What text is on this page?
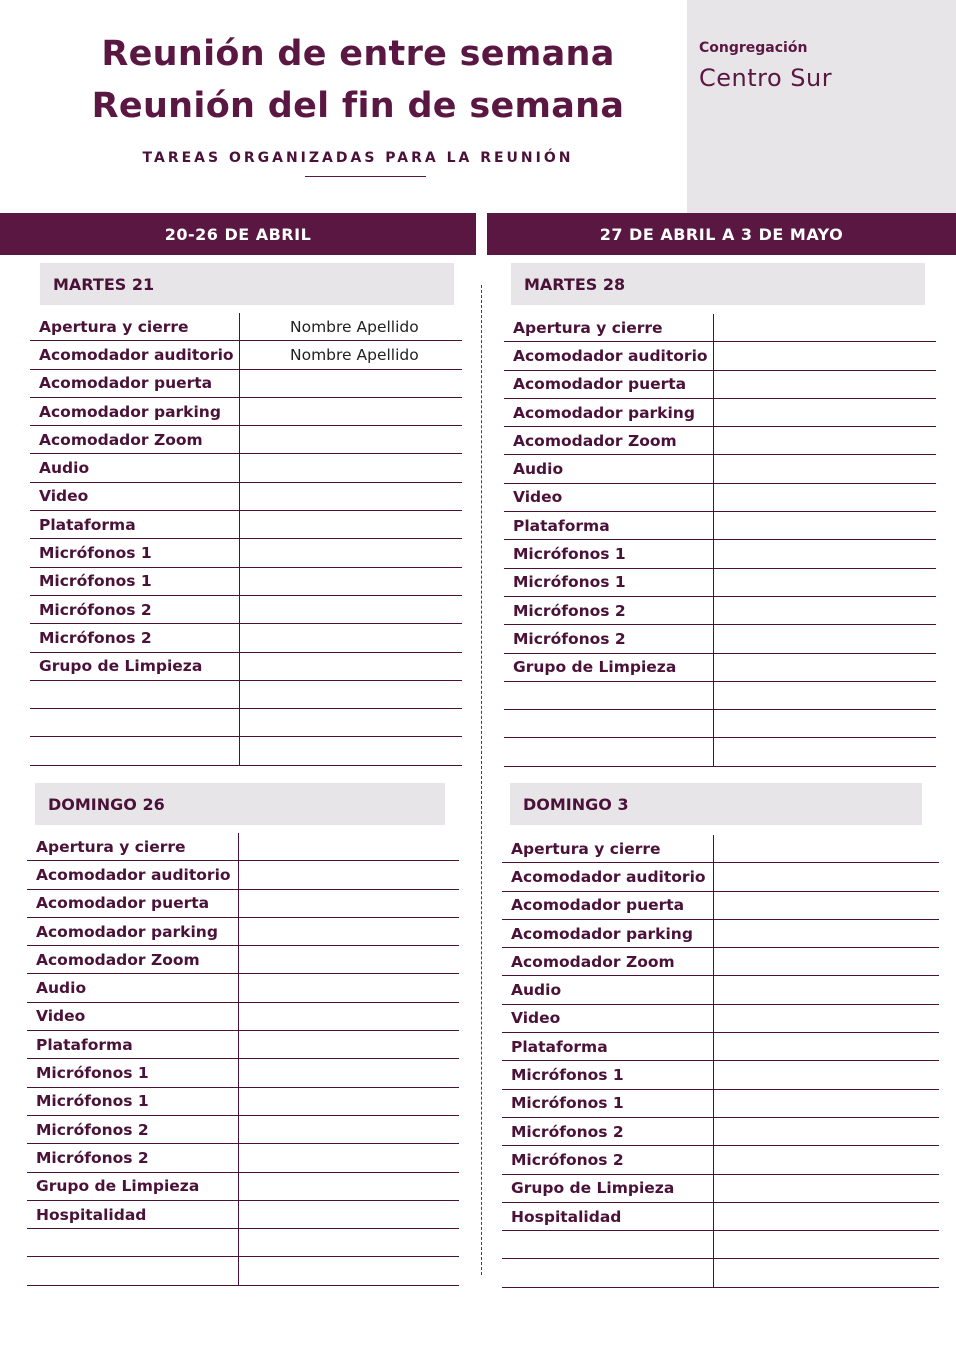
Reunión de entre semana
Reunión del fin de semana
TAREAS ORGANIZADAS PARA LA REUNIÓN
Congregación
Centro Sur
20-26 DE ABRIL	27 DE ABRIL A 3 DE MAYO
MARTES 21
Apertura y cierre	Nombre Apellido
Acomodador auditorio	Nombre Apellido
Acomodador puerta	
Acomodador parking	
Acomodador Zoom	
Audio	
Video	
Plataforma	
Micrófonos 1	
Micrófonos 1	
Micrófonos 2	
Micrófonos 2	
Grupo de Limpieza	

DOMINGO 26
Apertura y cierre	
Acomodador auditorio	
Acomodador puerta	
Acomodador parking	
Acomodador Zoom	
Audio	
Video	
Plataforma	
Micrófonos 1	
Micrófonos 1	
Micrófonos 2	
Micrófonos 2	
Grupo de Limpieza	
Hospitalidad	

MARTES 28
Apertura y cierre	
Acomodador auditorio	
Acomodador puerta	
Acomodador parking	
Acomodador Zoom	
Audio	
Video	
Plataforma	
Micrófonos 1	
Micrófonos 1	
Micrófonos 2	
Micrófonos 2	
Grupo de Limpieza	

DOMINGO 3
Apertura y cierre	
Acomodador auditorio	
Acomodador puerta	
Acomodador parking	
Acomodador Zoom	
Audio	
Video	
Plataforma	
Micrófonos 1	
Micrófonos 1	
Micrófonos 2	
Micrófonos 2	
Grupo de Limpieza	
Hospitalidad	
